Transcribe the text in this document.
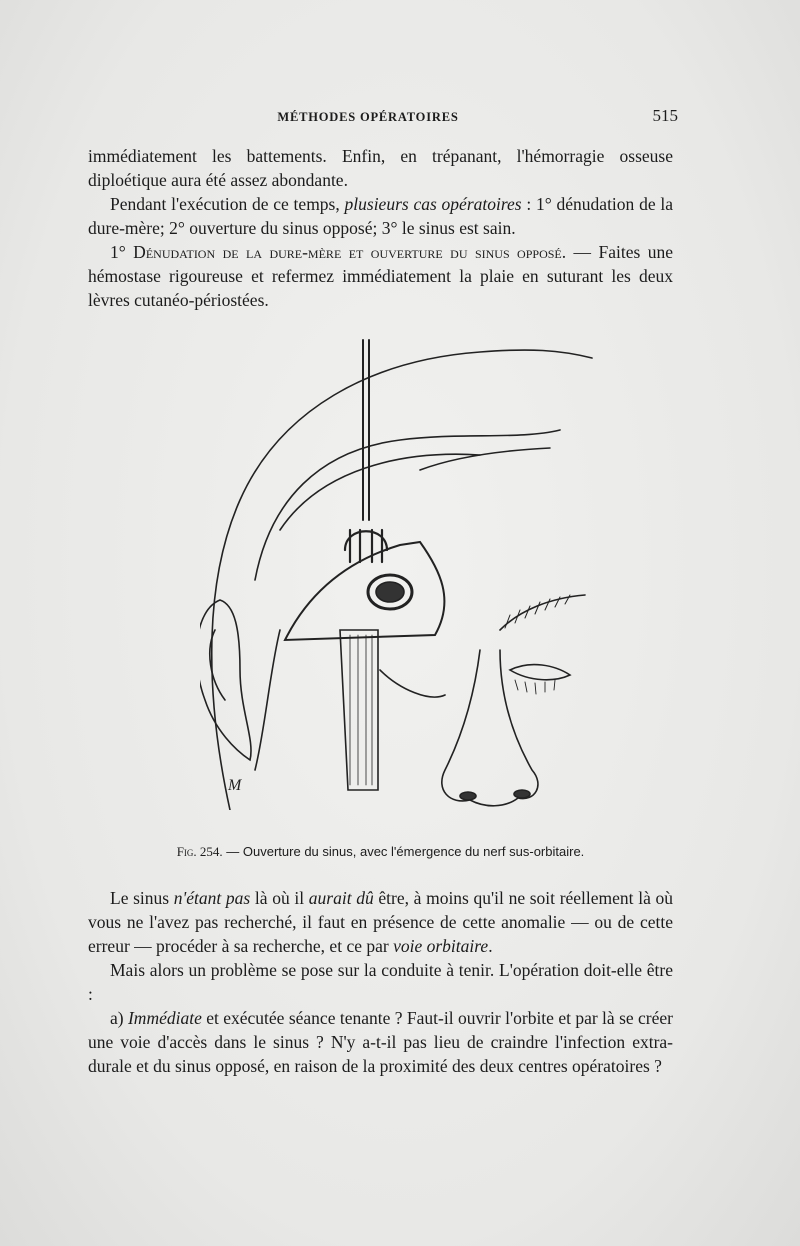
MÉTHODES OPÉRATOIRES	515

immédiatement les battements. Enfin, en trépanant, l'hémorragie osseuse diploétique aura été assez abondante.

Pendant l'exécution de ce temps, plusieurs cas opératoires : 1° dénudation de la dure-mère; 2° ouverture du sinus opposé; 3° le sinus est sain.

1° Dénudation de la dure-mère et ouverture du sinus opposé. — Faites une hémostase rigoureuse et refermez immédiatement la plaie en suturant les deux lèvres cutanéo-périostées.

M
Fig. 254. — Ouverture du sinus, avec l'émergence du nerf sus-orbitaire.

Le sinus n'étant pas là où il aurait dû être, à moins qu'il ne soit réellement là où vous ne l'avez pas recherché, il faut en présence de cette anomalie — ou de cette erreur — procéder à sa recherche, et ce par voie orbitaire.

Mais alors un problème se pose sur la conduite à tenir. L'opération doit-elle être :

a) Immédiate et exécutée séance tenante ? Faut-il ouvrir l'orbite et par là se créer une voie d'accès dans le sinus ? N'y a-t-il pas lieu de craindre l'infection extra-durale et du sinus opposé, en raison de la proximité des deux centres opératoires ?
